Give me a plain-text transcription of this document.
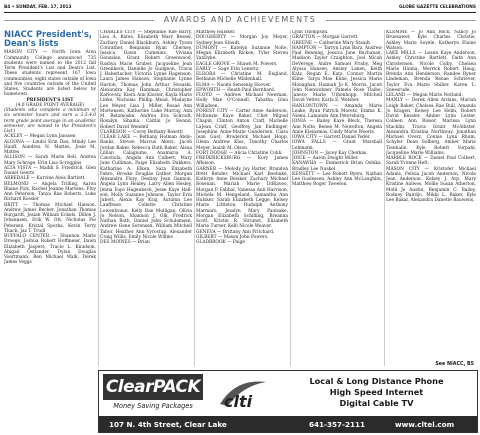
B4 • SUNDAY, FEB. 17, 2013	GLOBE GAZETTE CELEBRATIONS
AWARDS AND ACHIEVEMENTS
NIACC President's, Dean's lists

MASON CITY — North Iowa Area Community College announced 735 students were named to the 2012 fall Term President's List and Dean's List. These students represent 167 Iowa communities, eight states outside of Iowa and five countries outside of the United States. Students are listed below by hometown.

PRESIDENT'S LIST

(4.0 GRADE POINT AVERAGE)

(Students who complete a minimum of six semester hours and earn a 3.5-4.0 term grade point average in an academic semester, are named to the President's List.)

ACKLEY — Megan Lynn Janssen

ALGONA — Lindsi Erin Dau, Mindy Lee Hauff, Aundrea N. Mattes, Josie M. Mattes

ALLISON — Sarah Marie Bell, Andrea Mary Schrage, Erin Lisa Scroggins

ALTA VISTA — Maddi S. Friedrich, Glen Daniel Geerts

ARREDALE — Karvine Alois Bartlett

BELMOND — Angela Trilling, Aaron Blaine Pick, Rachel Jeanne Martens, Floy Ann Peterson, Tanya Rae Roberts, Luke Richard Kossler

BRITT — Thomas Michael Hanson, Andrew James Becker, Jonathan Thomas Burgardt, Josiah William Eckels, Dillon J. Johannsen, Erik W. Ott, Nicholas Pie Petersen, Kristal Sporka, Kevin Terry Thach, Jaz T. Trudi

BUFFALO CENTER — Shannon Marie Droege, Joshua Robert Hoffmeier, Dawn Elizabeth Jaspers, Tracie L. Knudson, Abigail Ostlander, Dylan Douglas Voortmann, Ben Michael Walk, Derek James Veggs

CHARLES CITY — Stephanie Rae Barry, Lisa A. Bates, Elizabeth Mary Bessel, Zachary Daniel Blackburn, Ashley Tyson Conrather, Benjamin Ryan Cherney, Jessica Dawn Cummins, Viviana Gonzalez, Grant Robert Greenwood, Rashya Marie Gruber, Jacqueline Jean Greenbeck, Danielle Jo Gudgeon, Travis J. Haberlacher, Victoria Lynne Hagenson, Laura James Hanson, Stephanie Lynne Harton, Thomas John Arthur Hosaski, Alexandra Kay Hamman, Christopher Karlovetz, Kiera Ann Kloster, Kayla Marie Linke, Nicholas Phillip Mead, Madayne Lee Meyer, Lisa J. Miller, Rosaé Ann Mortensen, Katherine Luke Murray, Ann M. Retzmoske, Andrea Eva Schrodt, Rosalyn Sihama, Caitlin Jo Swann, Robert David Wendell

CLARKSON — Corey Bethany Bosetti

CLEAR LAKE — Bethany Holman Abdo-Banks, Steven Marcus Akers, Jacob Jordan Baker, Rebecca Ruth Baker, Alexa Lillian Calagiumo, Anamaria A. Canchola, Angela Ann Culbert, Mary Jane Culliman, Paige Elizabeth Dukkers, Katharine A. Elken, Sara Elizabeth Fabre, Brooke Douglas Gather, Morgan Alexandra Flory, Destiny Jean Gannon, Angela Lynn Healey, Larry Allen Hesley, Jenna Faye Hagenbeck, Jesse Kaye Hall-son, Molly Suzanne Johnson, Taylor Erin Jubert, Alexis Kay Kraj, Autumn Lee Lauffesse, Collette Christine Lowenbraun, Kelly Rae Mulligan, Olivia Jo Nelson, Shannon J. Olk, Fredrick Nathan Roth, Daniel John Schulemsen, Andrew Gene Sorensen, William Mitchell Tabor, Heather Ann Vyrostup, Alexander Craig Willis, Emily Nicole Willms

DES MOINES — Brian

Matthew Hulsker.

DOUGHERTY — Morgan Joy Meyer, Sydney Jean Staudt.

DUMONT — Katelyn Suzanne Nolte, Megan Elizabeth Ricken, Tyler Steven VanDyke.

EAGLE GROVE — Shawn M. Powers.

EARLY — Sage Erin Lenertz.

ELDORA — Christine M. England, Bethanie Michelle Mildenhall.

ELMA — Naomi Sensenig Hoover.

EPWORTH — Heath Paul Bernhard.

FLOYD — Andrew Michael Newman, Holly Mae O'Connell, Tabatha Gina Willadsen.

FOREST CITY — Carter Anne Anderson, McKenzie Kaye Baker, Chet Miguel Chapin, Clinton Anton Craff, Michelle LaJean Craff, Geoffrey Jan Endlinger, Josephine Anne-Marie Gundersen, Ciara Jean Gust, Broderick Michael Hopp, Glenn Andrew Klos, Timothy Charles Meyer, Isaiah M. Olson.

FORT DODGE — Alicia Christine Cobb.

FREDERICKSBURG — Kory James Affeison.

GARNER — Melody Joy Barter, Brandon Brett Bender, Michael Karl Boehnke, Kathryn Anne Beisker, Zachary Michael Bosenan, Mariah Marie DiBiaveo, Morgan P. Fabbal, Vanessa Ann Harrison, Michela M. Hengeland, Samantha Ann Hulsker, Sarah Elizabeth Legge, Kelsey Marie Littleton, Rudolph Anthony Marmaro, Jesslyn Mary Paulsake, Morgan Elizabeth Schilling, Breanna Scott, Kristin R. Strumst, Elizabeth Marie Turner, Kelli Nicole Weaver.

GENEVA — Brittany Ann Pritchard.

GILBERT — Mason John Powers.

GLADBROOK — Paige

Lynn Thompson.

GRAFTON — Morgan Garrett.

GREENE — Catherine Mary Staudt.

HAMPTON — Tarryn Lynn Barz, Andrew Paul Benning, Jessica Jane Buchanan, Madison Taylor Craighton, Joel Micah DeVerege, Andre Samuel Frisby, Meg Alyssa Hansen, Ansley Lanen, Keith Katz, Regan E. Katz, Connor Martin Kline, Taryn Mae Kline, Jessica Marie Monaghan, Hannah Jo K. Morris, Jacob John Nienwohner, Pamela Rose Tlaibe, Janece Marie Uthenhopp, Mitchell David Vetter, Karla E. Welsher.

HANLONTOWN — Amanda Marie Leake, Ryan Patrick Moretz, Emma K. Niemi, Lamanda Ann Petersburg.

IONIA — Bailey Kaye Bleck, Theresa Ann Nolte, Renee M. Newelton, Angela Anne Kleinsmas, Cindy Marie Woerle.

IOWA CITY — Garrett Daniel Yoder.

IOWA FALLS — Grant Marshall Lehmann.

JOHNSTON — Jacey Kay Cherkas.

JOICE — Aaron Dwight Miller.

KANAWHA — Emmerich Brian Oshika, Bradley Lee Nuskel.

KENSETT — Lee Robert Byers, Nathan Lee Goslessen, Ashley Ann McLaughlin, Matthew Roger Tweeten.

KLEMME — Jo Ann Bock, Nancy Jo Bruesawer, Kyle Charles Christie, Ashley Marie Soyele, Katheryn Elaine Watson.

LAKE MILLS — Leann Kaye Anderson, Ashley Christine Bartlett, Faith Ann Christensen, Nicole Colby, Chelsea Marie Hanna, Merrick Robert Haug, Brenda Ann Henderson, Randee Ryner Lindeman, Brenda Renae Schriever, Taylor Eva Marie Shiller, Karen L. Sneesrude.

LELAND — Megan Marie Nerland.

MANLY — Derek Allen Ardans, Mariah Leigh Baker, Chelsea Rae Bull, Amanda Jo Kragen, Kelsey Lee Helm, Robert David Kessler, Amber Lynn Lester, Colleen Ann Risser, Marissa Lynn Stacklin, Travis Grant McAllister, Alexandra Kristina Northway, Jonathan Michael Overz, Connie Lynn Rhum, Schyler Dean Solberg, Amber Marie Tienhaile, Kyle Robert Vorpahl, Jacqueline Marie Williams.

MARBLE ROCK — Daniel Paul Colbert, Sarah Yvonne Heft.

MASON CITY — Kristofer Michael Adams, Felisia Jacob Anderson, Nicole Jean Anderson, Kelsey J. Arp, Mary Kristine Aulwes, Mollie Susan Atherton, Molli Jo Austin, Benjamin C. Bailey, Rodney Bairdjo, Mikki L. Baker, Kyle Lee Bakal, Alexandra Danette Bauwens,

See NIACC, B5
ClearPACK
Money Saving Packages	clti
Local & Long Distance Phone
High Speed Internet
Digital Cable TV
107 N. 4th Street, Clear Lake	641-357-2111	www.cltel.com
